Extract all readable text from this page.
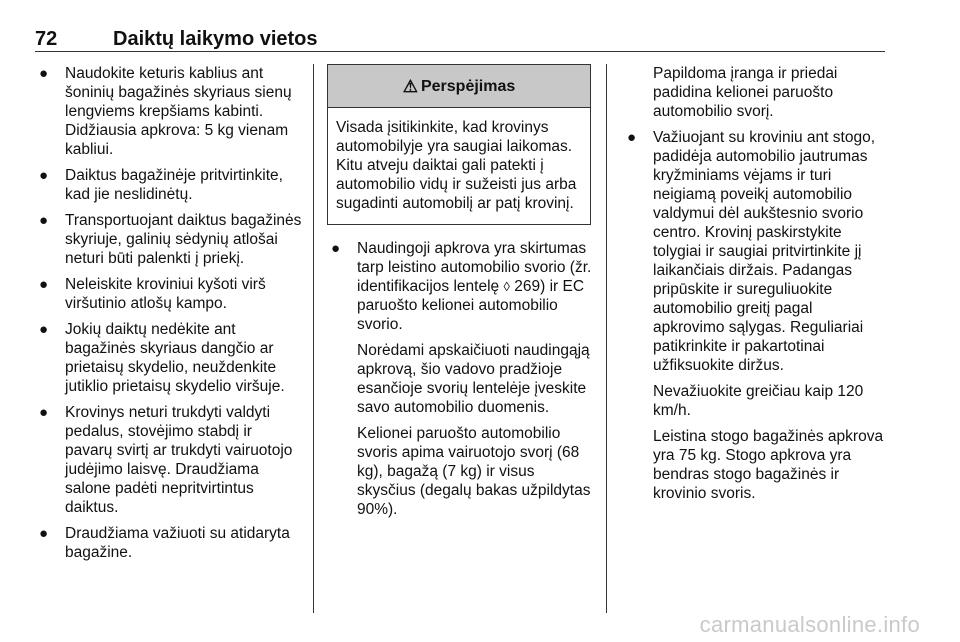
72	Daiktų laikymo vietos
● Naudokite keturis kablius ant šoninių bagažinės skyriaus sienų lengviems krepšiams kabinti. Didžiausia apkrova: 5 kg vienam kabliui.
● Daiktus bagažinėje pritvirtinkite, kad jie neslidinėtų.
● Transportuojant daiktus bagažinės skyriuje, galinių sėdynių atlošai neturi būti palenkti į priekį.
● Neleiskite kroviniui kyšoti virš viršutinio atlošų kampo.
● Jokių daiktų nedėkite ant bagažinės skyriaus dangčio ar prietaisų skydelio, neuždenkite jutiklio prietaisų skydelio viršuje.
● Krovinys neturi trukdyti valdyti pedalus, stovėjimo stabdį ir pavarų svirtį ar trukdyti vairuotojo judėjimo laisvę. Draudžiama salone padėti nepritvirtintus daiktus.
● Draudžiama važiuoti su atidaryta bagažine.
⚠ Perspėjimas
Visada įsitikinkite, kad krovinys automobilyje yra saugiai laikomas. Kitu atveju daiktai gali patekti į automobilio vidų ir sužeisti jus arba sugadinti automobilį ar patį krovinį.
● Naudingoji apkrova yra skirtumas tarp leistino automobilio svorio (žr. identifikacijos lentelę ◊ 269) ir EC paruošto kelionei automobilio svorio.
Norėdami apskaičiuoti naudingąją apkrovą, šio vadovo pradžioje esančioje svorių lentelėje įveskite savo automobilio duomenis.
Kelionei paruošto automobilio svoris apima vairuotojo svorį (68 kg), bagažą (7 kg) ir visus skysčius (degalų bakas užpildytas 90%).
Papildoma įranga ir priedai padidina kelionei paruošto automobilio svorį.
● Važiuojant su kroviniu ant stogo, padidėja automobilio jautrumas kryžminiams vėjams ir turi neigiamą poveikį automobilio valdymui dėl aukštesnio svorio centro. Krovinį paskirstykite tolygiai ir saugiai pritvirtinkite jį laikančiais diržais. Padangas pripūskite ir sureguliuokite automobilio greitį pagal apkrovimo sąlygas. Reguliariai patikrinkite ir pakartotinai užfiksuokite diržus.
Nevažiuokite greičiau kaip 120 km/h.
Leistina stogo bagažinės apkrova yra 75 kg. Stogo apkrova yra bendras stogo bagažinės ir krovinio svoris.
carmanualsonline.info
